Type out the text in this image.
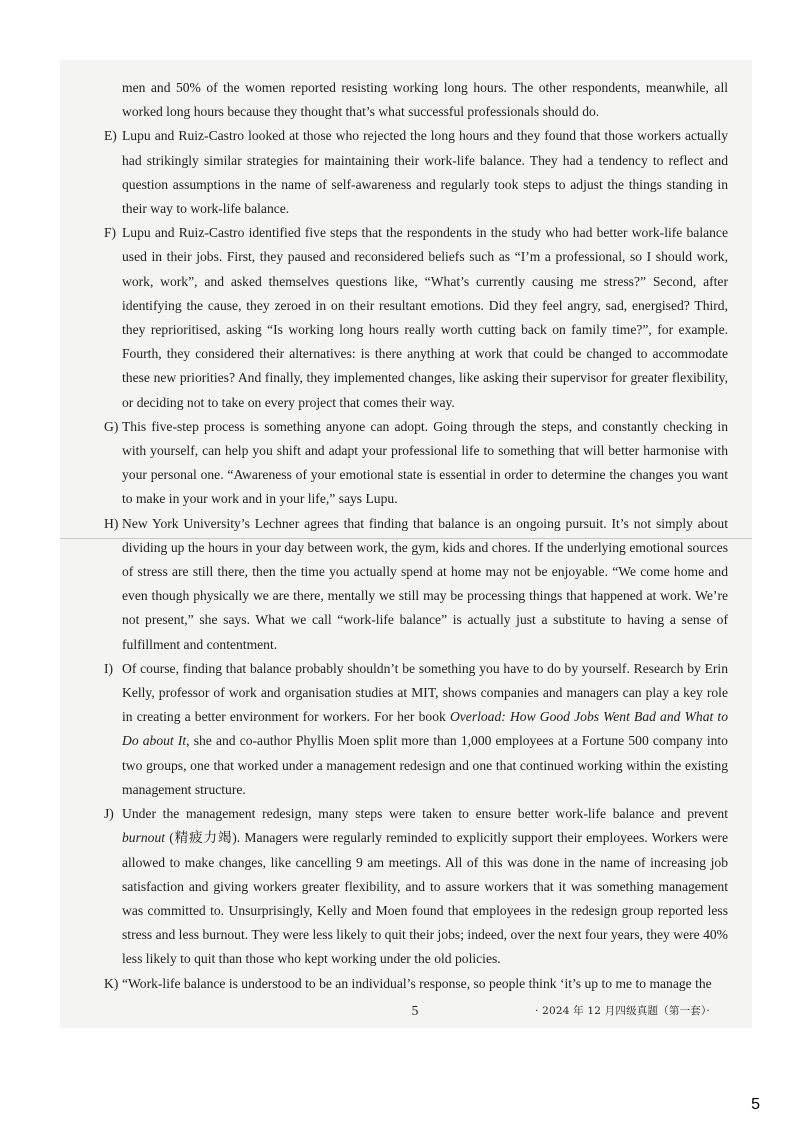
men and 50% of the women reported resisting working long hours. The other respondents, meanwhile, all worked long hours because they thought that’s what successful professionals should do.

E) Lupu and Ruiz-Castro looked at those who rejected the long hours and they found that those workers actually had strikingly similar strategies for maintaining their work-life balance. They had a tendency to reflect and question assumptions in the name of self-awareness and regularly took steps to adjust the things standing in their way to work-life balance.

F) Lupu and Ruiz-Castro identified five steps that the respondents in the study who had better work-life balance used in their jobs. First, they paused and reconsidered beliefs such as “I’m a professional, so I should work, work, work”, and asked themselves questions like, “What’s currently causing me stress?” Second, after identifying the cause, they zeroed in on their resultant emotions. Did they feel angry, sad, energised? Third, they reprioritised, asking “Is working long hours really worth cutting back on family time?”, for example. Fourth, they considered their alternatives: is there anything at work that could be changed to accommodate these new priorities? And finally, they implemented changes, like asking their supervisor for greater flexibility, or deciding not to take on every project that comes their way.

G) This five-step process is something anyone can adopt. Going through the steps, and constantly checking in with yourself, can help you shift and adapt your professional life to something that will better harmonise with your personal one. “Awareness of your emotional state is essential in order to determine the changes you want to make in your work and in your life,” says Lupu.

H) New York University’s Lechner agrees that finding that balance is an ongoing pursuit. It’s not simply about dividing up the hours in your day between work, the gym, kids and chores. If the underlying emotional sources of stress are still there, then the time you actually spend at home may not be enjoyable. “We come home and even though physically we are there, mentally we still may be processing things that happened at work. We’re not present,” she says. What we call “work-life balance” is actually just a substitute to having a sense of fulfillment and contentment.

I) Of course, finding that balance probably shouldn’t be something you have to do by yourself. Research by Erin Kelly, professor of work and organisation studies at MIT, shows companies and managers can play a key role in creating a better environment for workers. For her book Overload: How Good Jobs Went Bad and What to Do about It, she and co-author Phyllis Moen split more than 1,000 employees at a Fortune 500 company into two groups, one that worked under a management redesign and one that continued working within the existing management structure.

J) Under the management redesign, many steps were taken to ensure better work-life balance and prevent burnout (精疲力竭). Managers were regularly reminded to explicitly support their employees. Workers were allowed to make changes, like cancelling 9 am meetings. All of this was done in the name of increasing job satisfaction and giving workers greater flexibility, and to assure workers that it was something management was committed to. Unsurprisingly, Kelly and Moen found that employees in the redesign group reported less stress and less burnout. They were less likely to quit their jobs; indeed, over the next four years, they were 40% less likely to quit than those who kept working under the old policies.

K) “Work-life balance is understood to be an individual’s response, so people think ‘it’s up to me to manage the

5	· 2024 年 12 月四级真题（第一套）·
5
